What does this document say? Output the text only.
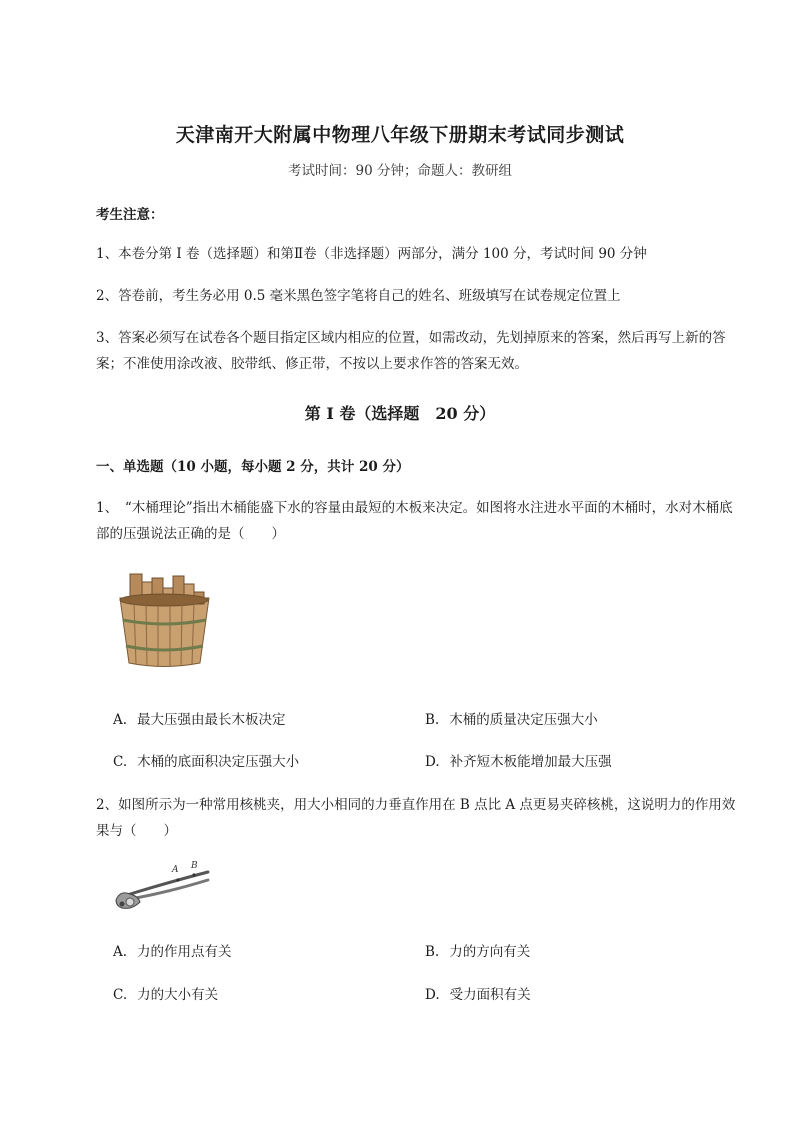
天津南开大附属中物理八年级下册期末考试同步测试
考试时间：90 分钟；命题人：教研组
考生注意：
1、本卷分第 I 卷（选择题）和第Ⅱ卷（非选择题）两部分，满分 100 分，考试时间 90 分钟
2、答卷前，考生务必用 0.5 毫米黑色签字笔将自己的姓名、班级填写在试卷规定位置上
3、答案必须写在试卷各个题目指定区域内相应的位置，如需改动，先划掉原来的答案，然后再写上新的答案；不准使用涂改液、胶带纸、修正带，不按以上要求作答的答案无效。
第 I 卷（选择题　20 分）
一、单选题（10 小题，每小题 2 分，共计 20 分）
1、　“木桶理论”指出木桶能盛下水的容量由最短的木板来决定。如图将水注进水平面的木桶时，水对木桶底部的压强说法正确的是（　　）
A. 最大压强由最长木板决定	B. 木桶的质量决定压强大小
C. 木桶的底面积决定压强大小	D. 补齐短木板能增加最大压强
2、如图所示为一种常用核桃夹，用大小相同的力垂直作用在 B 点比 A 点更易夹碎核桃，这说明力的作用效果与（　　）
A B
A. 力的作用点有关	B. 力的方向有关
C. 力的大小有关	D. 受力面积有关
